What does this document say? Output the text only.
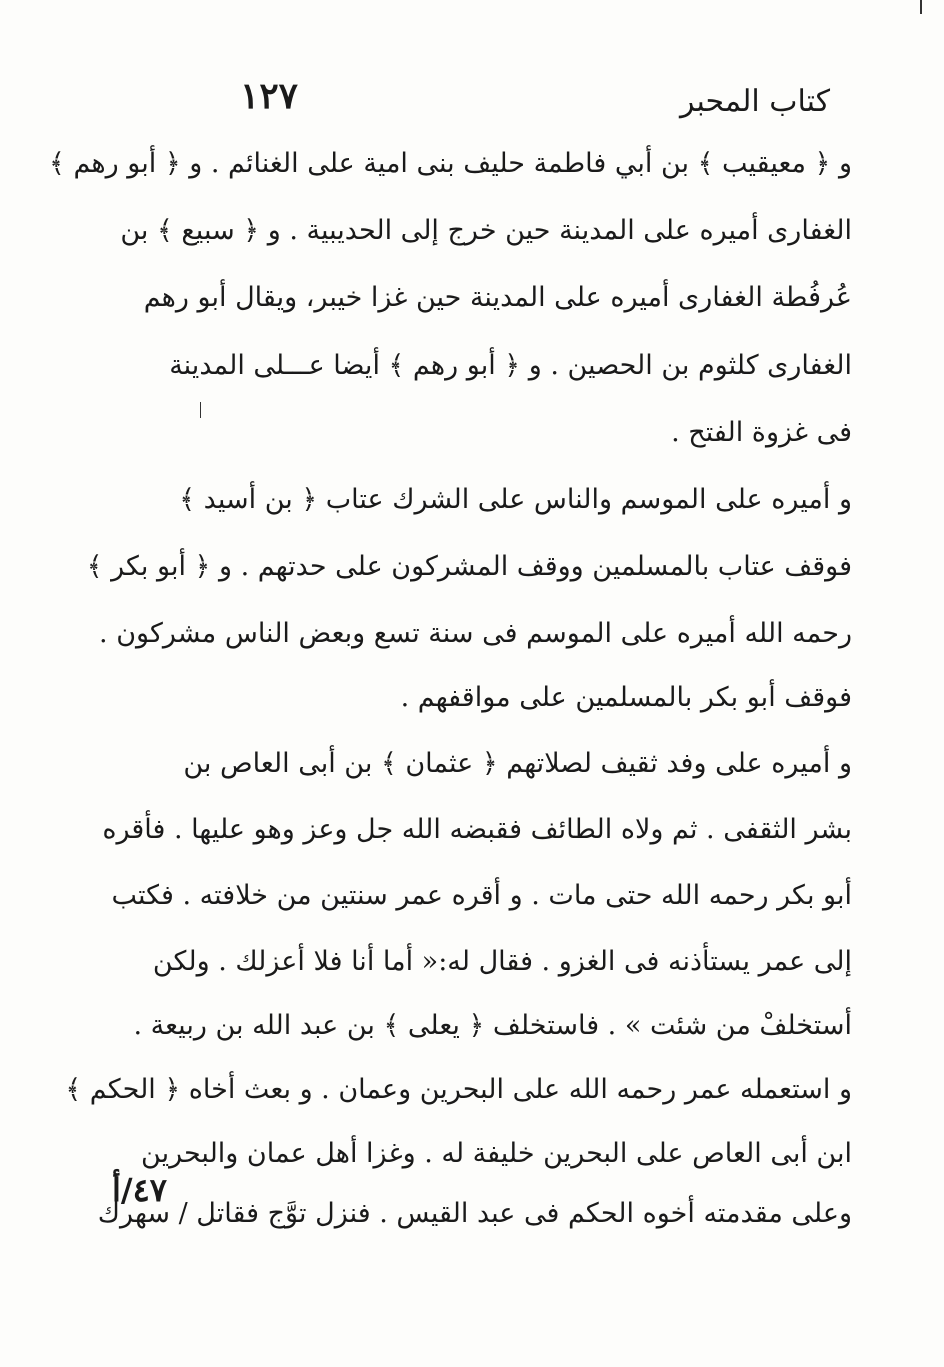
كتاب المحبر
١٢٧
و ﴿ معيقيب ﴾ بن أبي فاطمة حليف بنى امية على الغنائم . و ﴿ أبو رهم ﴾
الغفارى أميره على المدينة حين خرج إلى الحديبية . و ﴿ سبيع ﴾ بن
عُرفُطة الغفارى أميره على المدينة حين غزا خيبر، ويقال أبو رهم
الغفارى كلثوم بن الحصين . و ﴿ أبو رهم ﴾ أيضا عـــلى المدينة
فى غزوة الفتح .
و أميره على الموسم والناس على الشرك عتاب ﴿ بن أسيد ﴾
فوقف عتاب بالمسلمين ووقف المشركون على حدتهم . و ﴿ أبو بكر ﴾
رحمه الله أميره على الموسم فى سنة تسع وبعض الناس مشركون .
فوقف أبو بكر بالمسلمين على مواقفهم .
و أميره على وفد ثقيف لصلاتهم ﴿ عثمان ﴾ بن أبى العاص بن
بشر الثقفى . ثم ولاه الطائف فقبضه الله جل وعز وهو عليها . فأقره
أبو بكر رحمه الله حتى مات . و أقره عمر سنتين من خلافته . فكتب
إلى عمر يستأذنه فى الغزو . فقال له:« أما أنا فلا أعزلك . ولكن
أستخلفْ من شئت » . فاستخلف ﴿ يعلى ﴾ بن عبد الله بن ربيعة .
و استعمله عمر رحمه الله على البحرين وعمان . و بعث أخاه ﴿ الحكم ﴾
ابن أبى العاص على البحرين خليفة له . وغزا أهل عمان والبحرين
وعلى مقدمته أخوه الحكم فى عبد القيس . فنزل توَّج فقاتل / سهرك
٤٧/أ
